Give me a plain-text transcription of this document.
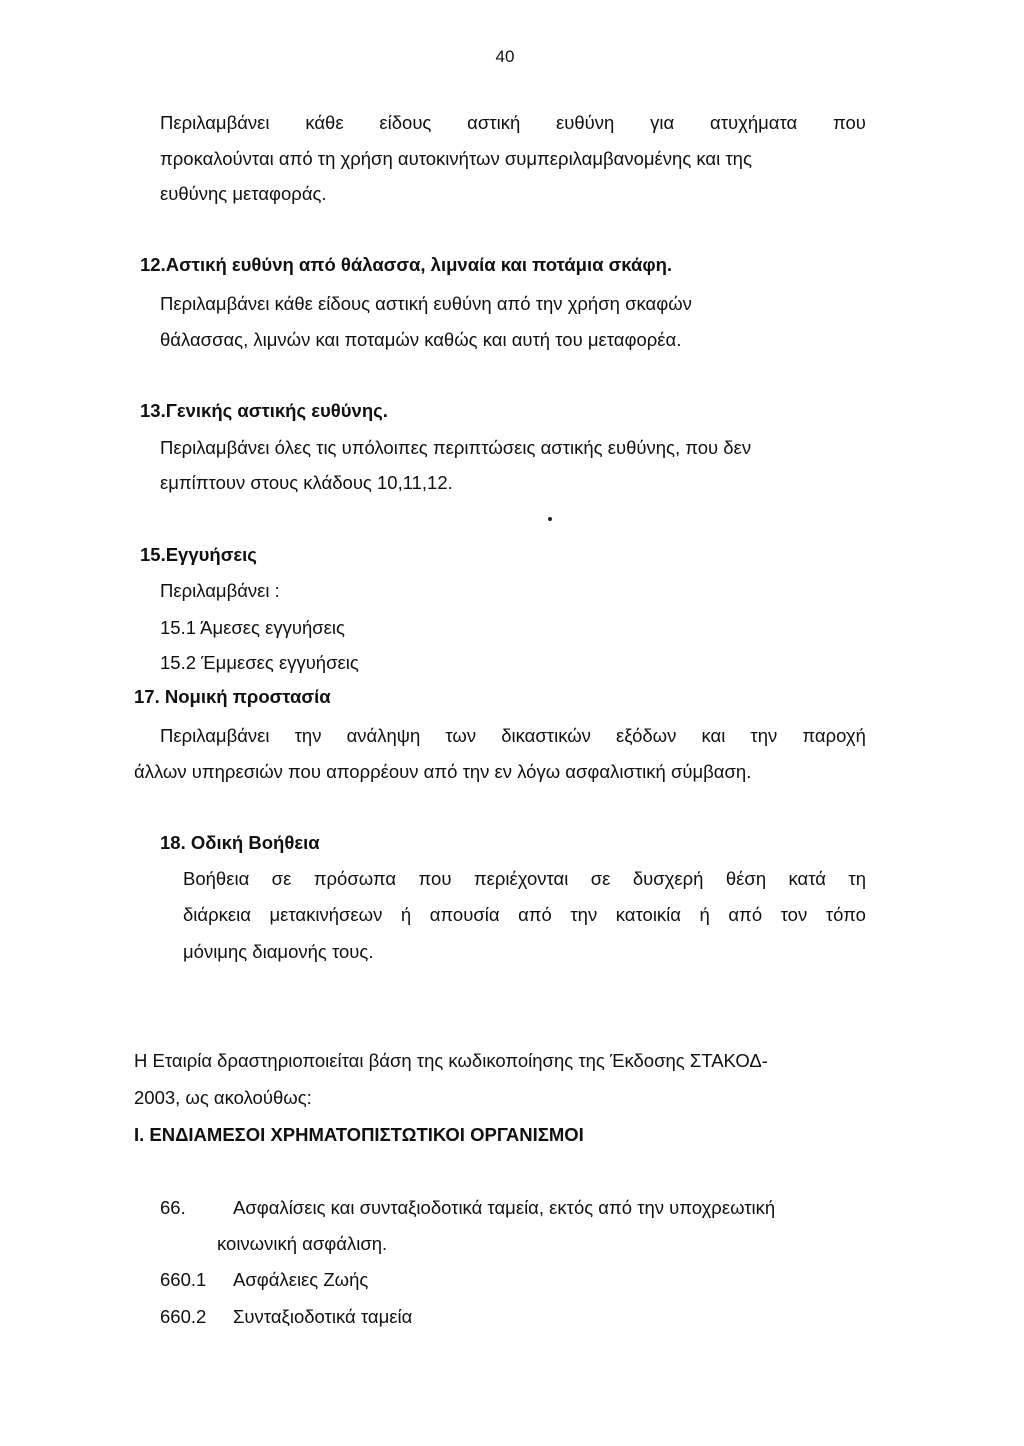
40
Περιλαμβάνει κάθε είδους αστική ευθύνη για ατυχήματα που
προκαλούνται από τη χρήση αυτοκινήτων συμπεριλαμβανομένης και της
ευθύνης μεταφοράς.
12.Αστική ευθύνη από θάλασσα, λιμναία και ποτάμια σκάφη.
Περιλαμβάνει κάθε είδους αστική ευθύνη από την χρήση σκαφών
θάλασσας, λιμνών και ποταμών καθώς και αυτή του μεταφορέα.
13.Γενικής αστικής ευθύνης.
Περιλαμβάνει όλες τις υπόλοιπες περιπτώσεις αστικής ευθύνης, που δεν
εμπίπτουν στους κλάδους 10,11,12.
15.Εγγυήσεις
Περιλαμβάνει :
15.1 Άμεσες εγγυήσεις
15.2 Έμμεσες εγγυήσεις
17. Νομική προστασία
Περιλαμβάνει την ανάληψη των δικαστικών εξόδων και την παροχή
άλλων υπηρεσιών που απορρέουν από την εν λόγω ασφαλιστική σύμβαση.
18. Οδική Βοήθεια
Βοήθεια σε πρόσωπα που περιέχονται σε δυσχερή θέση κατά τη
διάρκεια μετακινήσεων ή απουσία από την κατοικία ή από τον τόπο
μόνιμης διαμονής τους.
Η Εταιρία δραστηριοποιείται βάση της κωδικοποίησης της Έκδοσης ΣΤΑΚΟΔ-
2003, ως ακολούθως:
Ι. ΕΝΔΙΑΜΕΣΟΙ ΧΡΗΜΑΤΟΠΙΣΤΩΤΙΚΟΙ ΟΡΓΑΝΙΣΜΟΙ
66.	Ασφαλίσεις και συνταξιοδοτικά ταμεία, εκτός από την υποχρεωτική
κοινωνική ασφάλιση.
660.1 Ασφάλειες Ζωής
660.2 Συνταξιοδοτικά ταμεία
